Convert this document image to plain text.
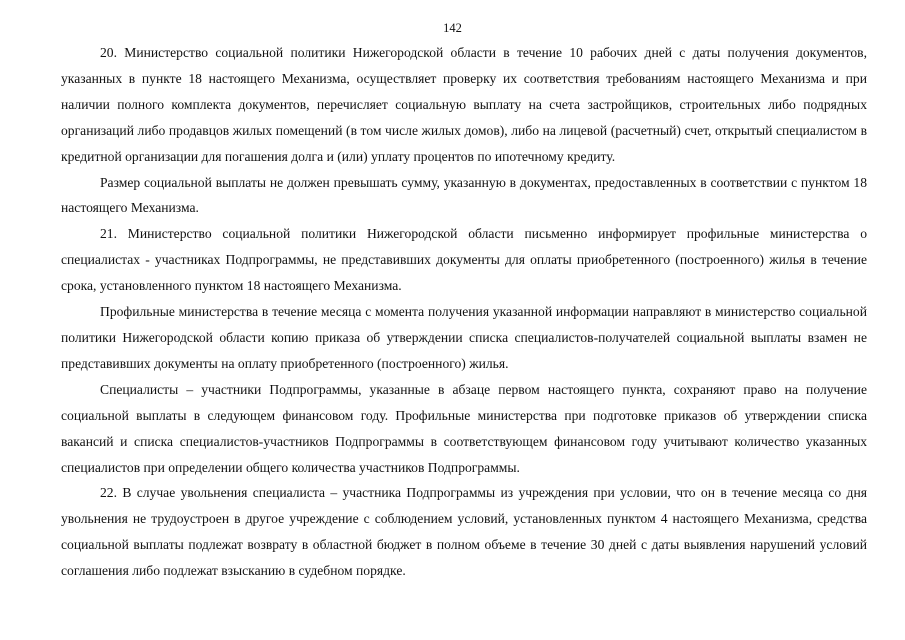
142

20. Министерство социальной политики Нижегородской области в течение 10 рабочих дней с даты получения документов, указанных в пункте 18 настоящего Механизма, осуществляет проверку их соответствия требованиям настоящего Механизма и при наличии полного комплекта документов, перечисляет социальную выплату на счета застройщиков, строительных либо подрядных организаций либо продавцов жилых помещений (в том числе жилых домов), либо на лицевой (расчетный) счет, открытый специалистом в кредитной организации для погашения долга и (или) уплату процентов по ипотечному кредиту.

Размер социальной выплаты не должен превышать сумму, указанную в документах, предоставленных в соответствии с пунктом 18 настоящего Механизма.

21. Министерство социальной политики Нижегородской области письменно информирует профильные министерства о специалистах - участниках Подпрограммы, не представивших документы для оплаты приобретенного (построенного) жилья в течение срока, установленного пунктом 18 настоящего Механизма.

Профильные министерства в течение месяца с момента получения указанной информации направляют в министерство социальной политики Нижегородской области копию приказа об утверждении списка специалистов-получателей социальной выплаты взамен не представивших документы на оплату приобретенного (построенного) жилья.

Специалисты – участники Подпрограммы, указанные в абзаце первом настоящего пункта, сохраняют право на получение социальной выплаты в следующем финансовом году. Профильные министерства при подготовке приказов об утверждении списка вакансий и списка специалистов-участников Подпрограммы в соответствующем финансовом году учитывают количество указанных специалистов при определении общего количества участников Подпрограммы.

22. В случае увольнения специалиста – участника Подпрограммы из учреждения при условии, что он в течение месяца со дня увольнения не трудоустроен в другое учреждение с соблюдением условий, установленных пунктом 4 настоящего Механизма, средства социальной выплаты подлежат возврату в областной бюджет в полном объеме в течение 30 дней с даты выявления нарушений условий соглашения либо подлежат взысканию в судебном порядке.
